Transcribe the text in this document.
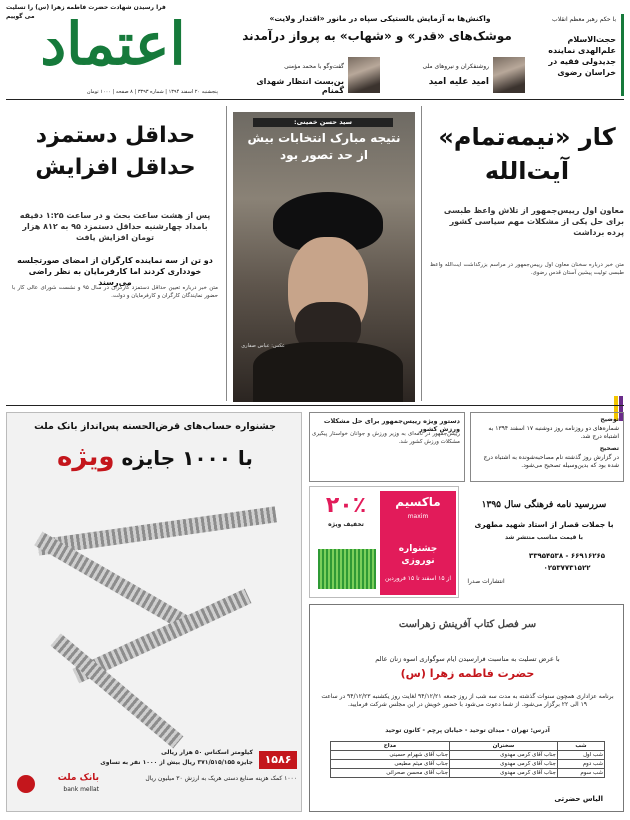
فرا رسیدن شهادت حضرت فاطمه زهرا (س) را تسلیت می گوییم اعتماد
پنجشنبه ۲۰ اسفند ۱۳۹۴ | شماره ۳۳۹۳ | ۸ صفحه | ۱۰۰۰ تومان
واکنش‌ها به آزمایش بالستیکی سپاه در مانور «اقتدار ولایت»
موشک‌های «قدر» و «شهاب» به پرواز درآمدند
روشنفکران و نیروهای ملی
امید علیه امید
گفت‌وگو با محمد مؤمنی
بن‌بست انتظار شهدای گمنام
با حکم رهبر معظم انقلاب
حجت‌الاسلام علم‌الهدی نماینده جدیدولی فقیه در خراسان رضوی
حداقل دستمزد حداقل افزایش
پس از هشت ساعت بحث و در ساعت ۱:۲۵ دقیقه بامداد چهارشنبه حداقل دستمزد ۹۵ به ۸۱۲ هزار تومان افزایش یافت
دو تن از سه نماینده کارگران از امضای صورتجلسه خودداری کردند اما کارفرمایان به نظر راضی می‌رسند
متن خبر درباره تعیین حداقل دستمزد کارگران در سال ۹۵ و نشست شورای عالی کار با حضور نمایندگان کارگران و کارفرمایان و دولت.
سید حسن خمینی:
نتیجه مبارک انتخابات بیش از حد تصور بود
عکس: عباس صفاری
کار «نیمه‌تمام» آیت‌الله
معاون اول رییس‌جمهور از تلاش واعظ طبسی برای حل یکی از مشکلات مهم سیاسی کشور پرده برداشت
متن خبر درباره سخنان معاون اول رییس‌جمهور در مراسم بزرگداشت آیت‌الله واعظ طبسی تولیت پیشین آستان قدس رضوی.
جشنواره حساب‌های قرض‌الحسنه پس‌انداز بانک ملت
با ۱۰۰۰ جایزه ویژه
۱۵۸۶
کیلومتر اسکناس ۵۰ هزار ریالی
جایزه ۳۷۱/۵۱۵/۱۵۵ ریال بیش از ۱۰۰۰ نفر به تساوی
۱۰۰۰ کمک هزینه صنایع دستی هریک به ارزش ۳۰ میلیون ریال
بانک ملت
bank mellat
دستور ویژه رییس‌جمهور برای حل مشکلات ورزش کشور
رییس‌جمهور در نامه‌ای به وزیر ورزش و جوانان خواستار پیگیری مشکلات ورزش کشور شد.
توضیح
شماره‌های دو روزنامه روز دوشنبه ۱۷ اسفند ۱۳۹۴ به اشتباه درج شد.
تصحیح
در گزارش روز گذشته نام مصاحبه‌شونده به اشتباه درج شده بود که بدین‌وسیله تصحیح می‌شود.
۲۰٪
تخفیف ویژه
ماکسیم
maxim
جشنواره نوروزی
از ۱۵ اسفند تا ۱۵ فروردین
سررسید نامه فرهنگی سال ۱۳۹۵
با جملات قصار از استاد شهید مطهری
با قیمت مناسب منتشر شد
۶۶۹۱۶۲۶۵ - ۳۳۹۵۴۵۳۸
۰۲۵۳۷۷۳۱۵۲۲
انتشارات صدرا
سر فصل کتاب آفرینش زهراست
با عرض تسلیت به مناسبت فرارسیدن ایام سوگواری اسوه زنان عالم
حضرت فاطمه زهرا (س)
برنامه عزاداری همچون سنوات گذشته به مدت سه شب از روز جمعه ۹۴/۱۲/۲۱ لغایت روز یکشنبه ۹۴/۱۲/۲۳ در ساعت ۱۹ الی ۲۲ برگزار می‌شود. از شما دعوت می‌شود با حضور خویش در این مجلس شرکت فرمایید.
آدرس: تهران - میدان توحید - خیابان پرچم - کانون توحید
شب	سخنران	مداح
شب اول	جناب آقای کرمی مهدوی	جناب آقای شهرام حسینی
شب دوم	جناب آقای کرمی مهدوی	جناب آقای میثم مطیعی
شب سوم	جناب آقای کرمی مهدوی	جناب آقای محسن صحرائی
الیاس حضرتی
